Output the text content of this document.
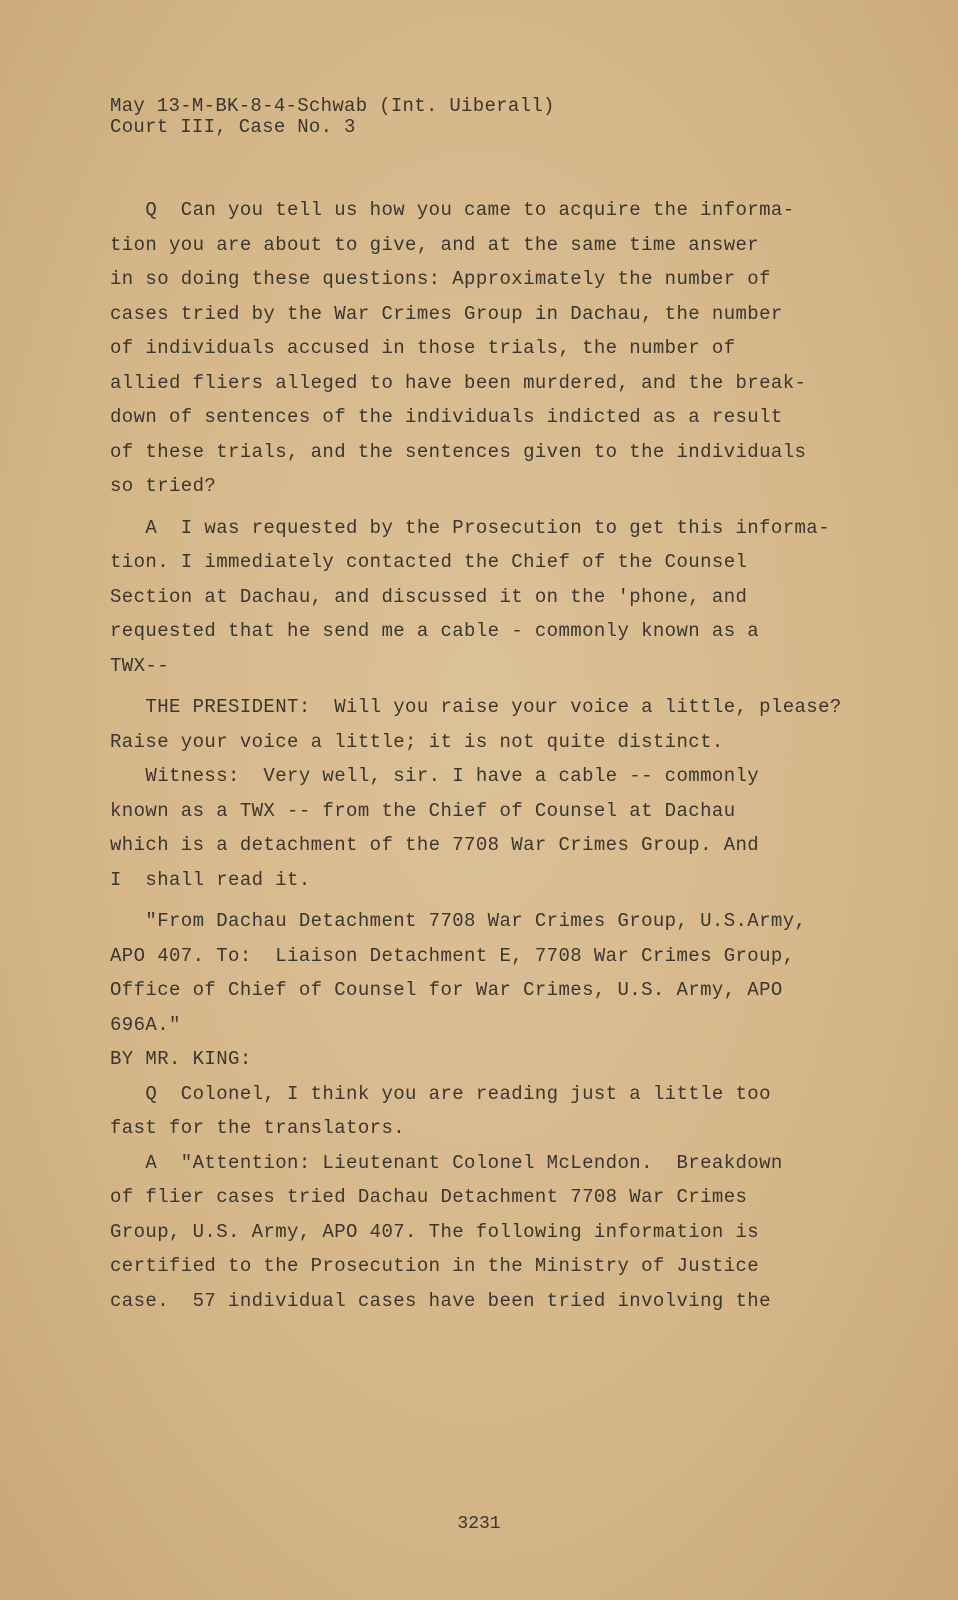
May 13-M-BK-8-4-Schwab (Int. Uiberall)
Court III, Case No. 3
Q  Can you tell us how you came to acquire the informa-
tion you are about to give, and at the same time answer
in so doing these questions: Approximately the number of
cases tried by the War Crimes Group in Dachau, the number
of individuals accused in those trials, the number of
allied fliers alleged to have been murdered, and the break-
down of sentences of the individuals indicted as a result
of these trials, and the sentences given to the individuals
so tried?
A  I was requested by the Prosecution to get this informa-
tion. I immediately contacted the Chief of the Counsel
Section at Dachau, and discussed it on the 'phone, and
requested that he send me a cable - commonly known as a
TWX--
THE PRESIDENT:  Will you raise your voice a little, please?
Raise your voice a little; it is not quite distinct.
Witness:  Very well, sir. I have a cable -- commonly
known as a TWX -- from the Chief of Counsel at Dachau
which is a detachment of the 7708 War Crimes Group. And
I  shall read it.
"From Dachau Detachment 7708 War Crimes Group, U.S.Army,
APO 407. To:  Liaison Detachment E, 7708 War Crimes Group,
Office of Chief of Counsel for War Crimes, U.S. Army, APO
696A."
BY MR. KING:
Q  Colonel, I think you are reading just a little too
fast for the translators.
A  "Attention: Lieutenant Colonel McLendon.  Breakdown
of flier cases tried Dachau Detachment 7708 War Crimes
Group, U.S. Army, APO 407. The following information is
certified to the Prosecution in the Ministry of Justice
case.  57 individual cases have been tried involving the
3231
